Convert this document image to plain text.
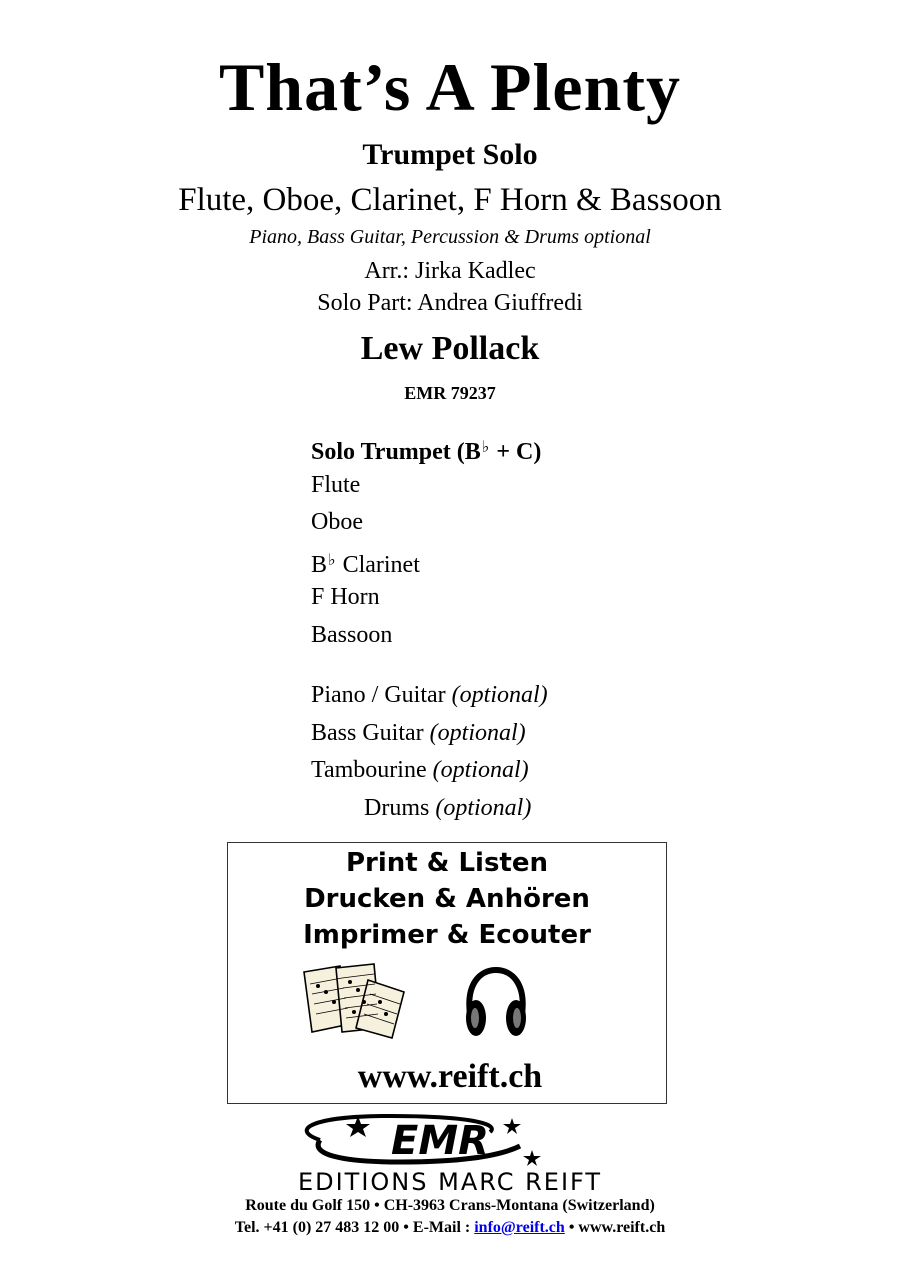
That’s A Plenty
Trumpet Solo
Flute, Oboe, Clarinet, F Horn & Bassoon
Piano, Bass Guitar, Percussion & Drums optional
Arr.: Jirka Kadlec
Solo Part: Andrea Giuffredi
Lew Pollack
EMR 79237
Solo Trumpet (B♭ + C)
Flute
Oboe
B♭ Clarinet
F Horn
Bassoon
Piano / Guitar (optional)
Bass Guitar (optional)
Tambourine (optional)
Drums (optional)
Print & Listen
Drucken & Anhören
Imprimer & Ecouter
www.reift.ch
EMR
EDITIONS MARC REIFT
Route du Golf 150 • CH-3963 Crans-Montana (Switzerland)
Tel. +41 (0) 27 483 12 00 • E-Mail : info@reift.ch • www.reift.ch
